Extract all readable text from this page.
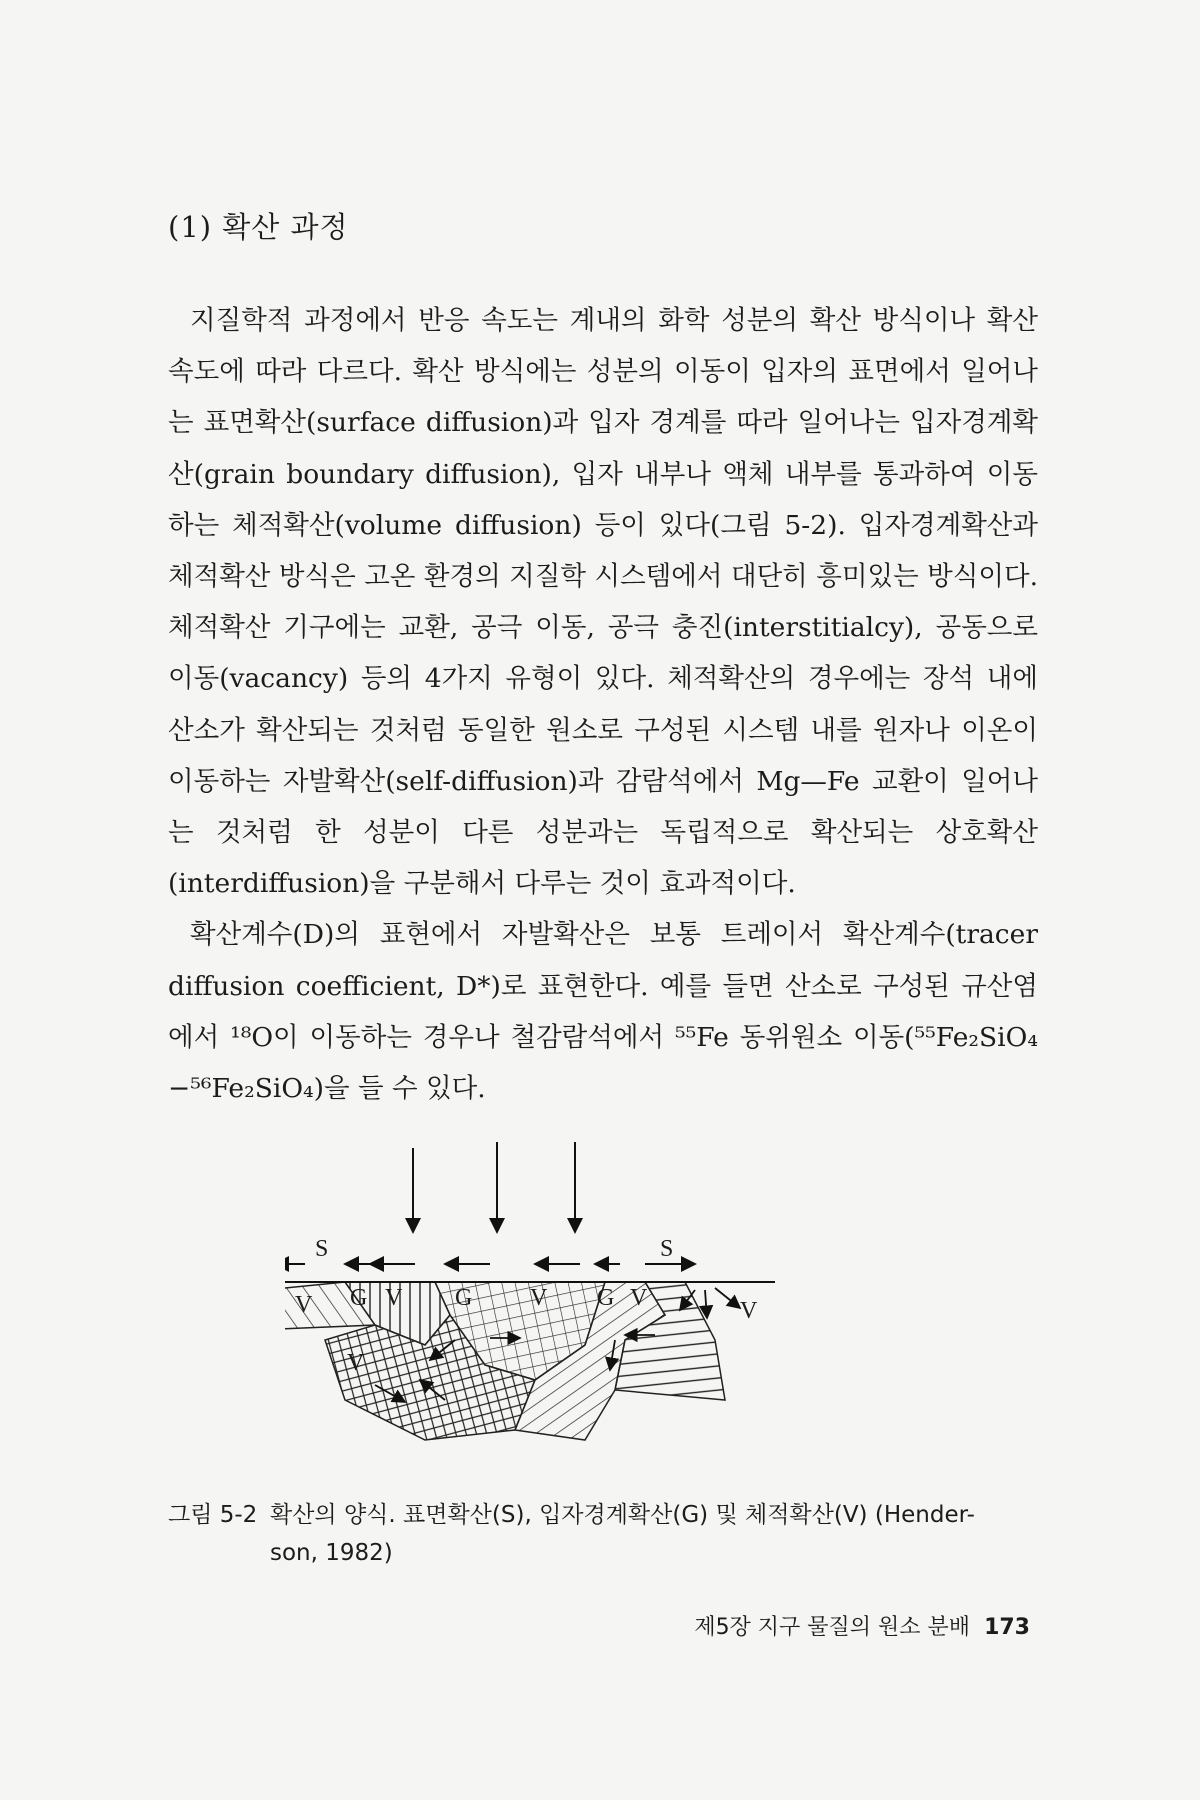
(1) 확산 과정

지질학적 과정에서 반응 속도는 계내의 화학 성분의 확산 방식이나 확산 속도에 따라 다르다. 확산 방식에는 성분의 이동이 입자의 표면에서 일어나는 표면확산(surface diffusion)과 입자 경계를 따라 일어나는 입자경계확산(grain boundary diffusion), 입자 내부나 액체 내부를 통과하여 이동하는 체적확산(volume diffusion) 등이 있다(그림 5-2). 입자경계확산과 체적확산 방식은 고온 환경의 지질학 시스템에서 대단히 흥미있는 방식이다. 체적확산 기구에는 교환, 공극 이동, 공극 충진(interstitialcy), 공동으로 이동(vacancy) 등의 4가지 유형이 있다. 체적확산의 경우에는 장석 내에 산소가 확산되는 것처럼 동일한 원소로 구성된 시스템 내를 원자나 이온이 이동하는 자발확산(self-diffusion)과 감람석에서 Mg—Fe 교환이 일어나는 것처럼 한 성분이 다른 성분과는 독립적으로 확산되는 상호확산(interdiffusion)을 구분해서 다루는 것이 효과적이다.

확산계수(D)의 표현에서 자발확산은 보통 트레이서 확산계수(tracer diffusion coefficient, D*)로 표현한다. 예를 들면 산소로 구성된 규산염에서 ¹⁸O이 이동하는 경우나 철감람석에서 ⁵⁵Fe 동위원소 이동(⁵⁵Fe₂SiO₄ −⁵⁶Fe₂SiO₄)을 들 수 있다.

S	S
V G V G V G V	V
V
그림 5-2 확산의 양식. 표면확산(S), 입자경계확산(G) 및 체적확산(V) (Hender-
son, 1982)
제5장 지구 물질의 원소 분배 173
